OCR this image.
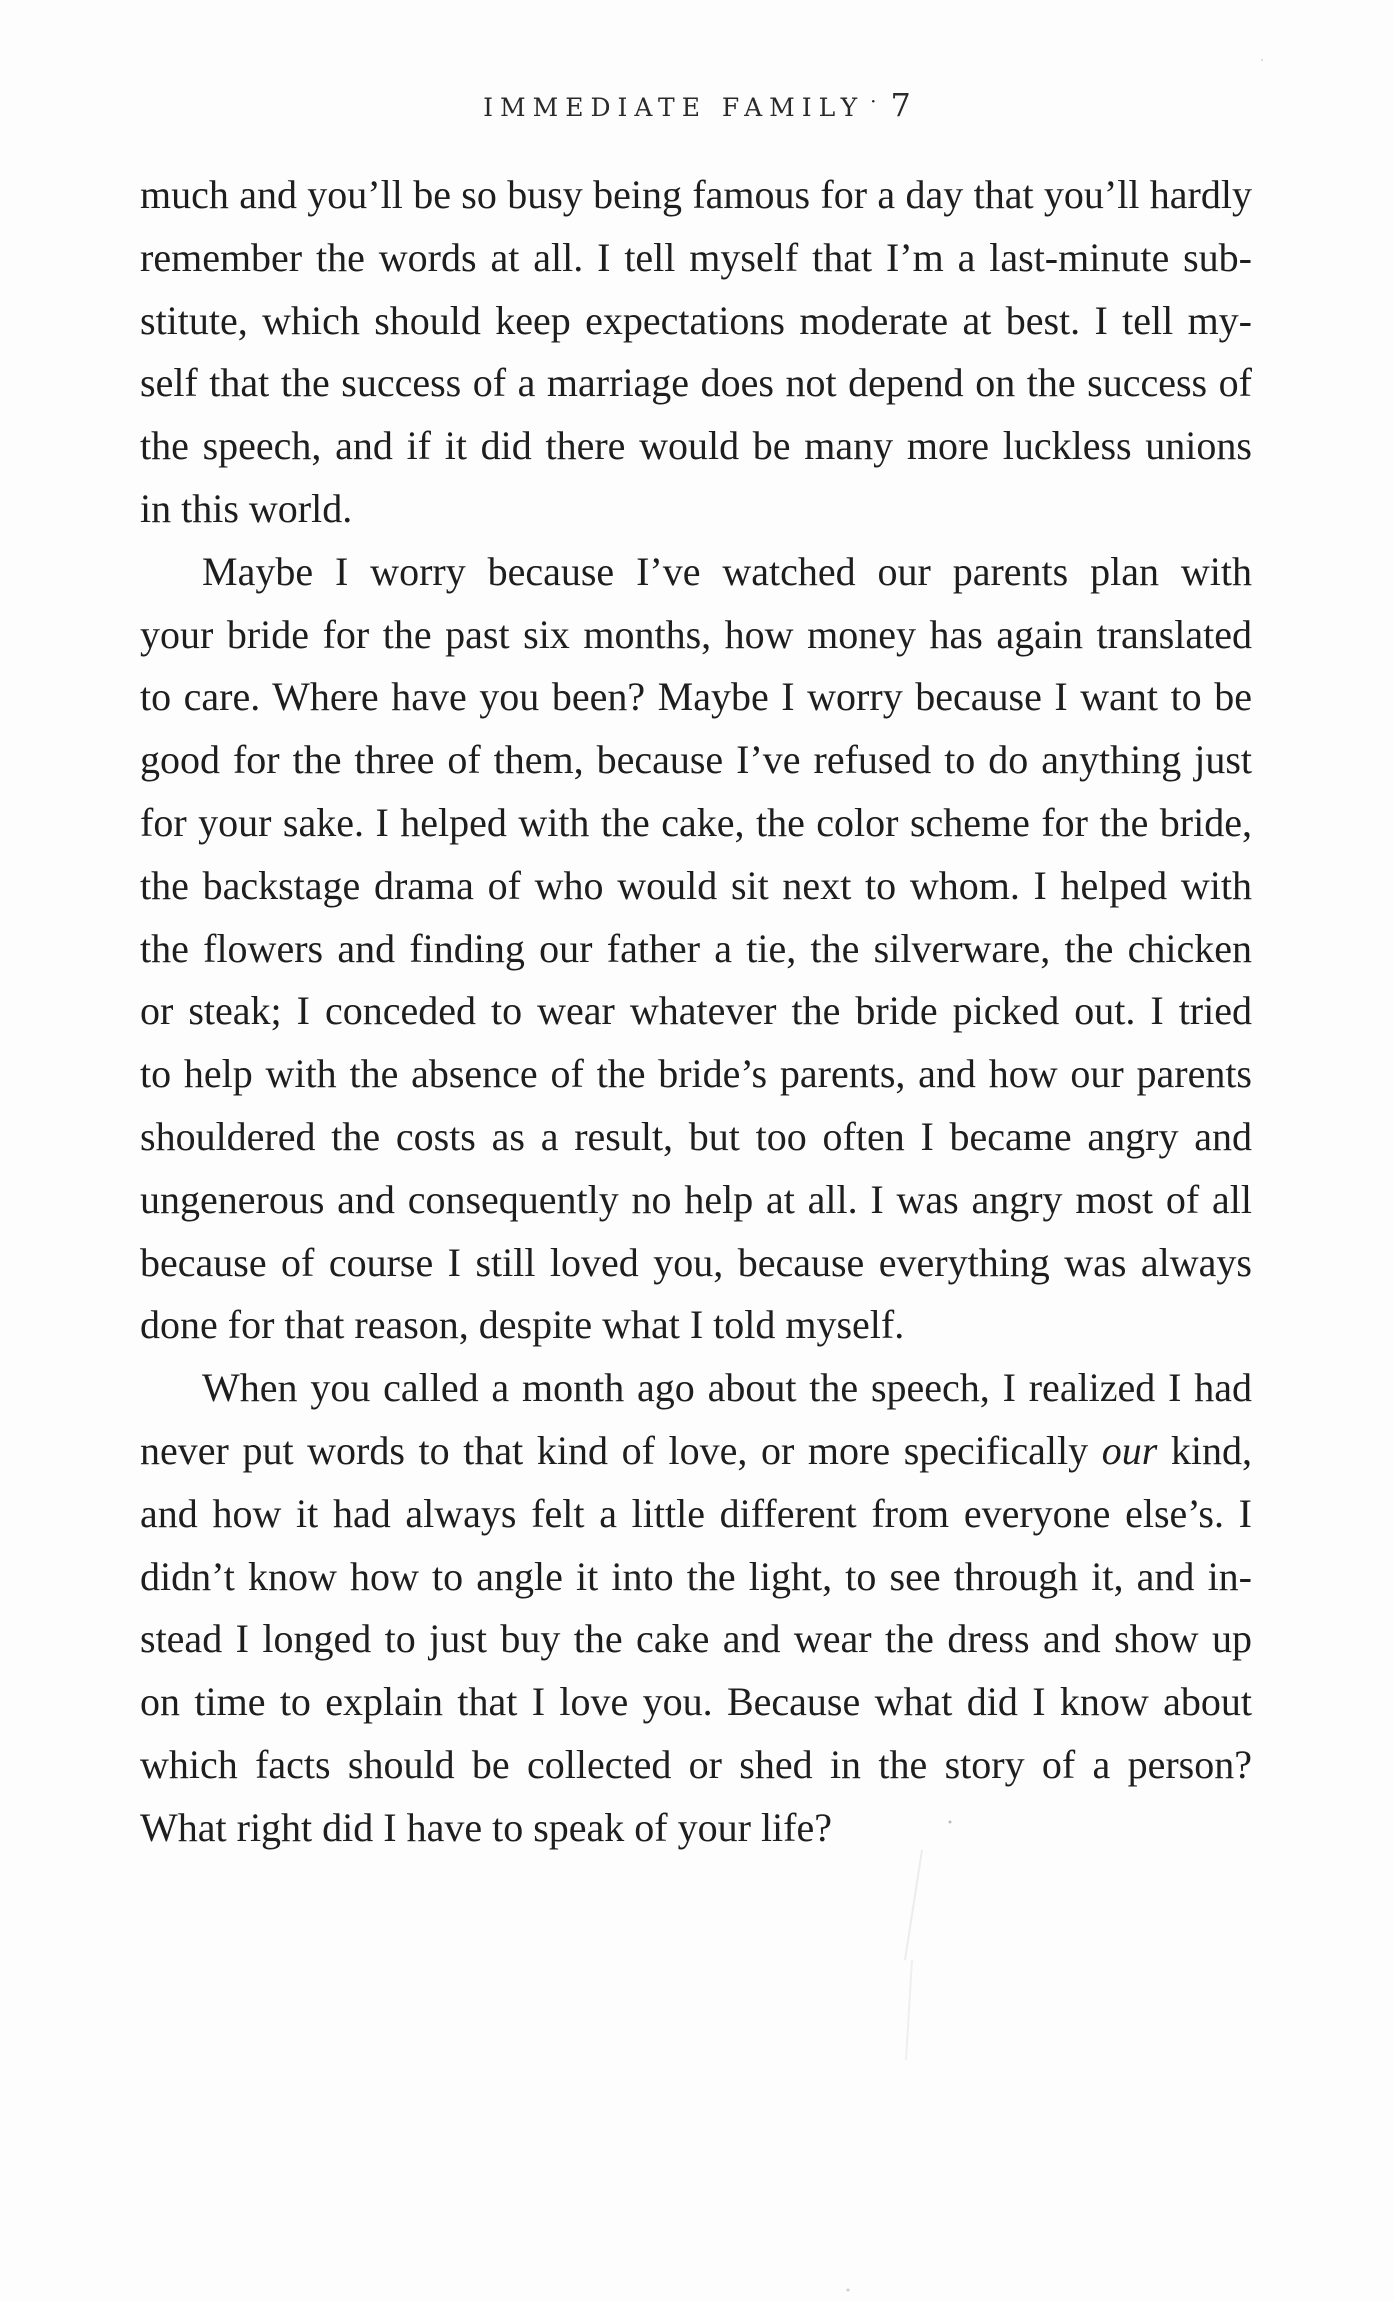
IMMEDIATE FAMILY · 7

much and you’ll be so busy being famous for a day that you’ll hardly
remember the words at all. I tell myself that I’m a last-minute sub-
stitute, which should keep expectations moderate at best. I tell my-
self that the success of a marriage does not depend on the success of
the speech, and if it did there would be many more luckless unions
in this world.

Maybe I worry because I’ve watched our parents plan with
your bride for the past six months, how money has again translated
to care. Where have you been? Maybe I worry because I want to be
good for the three of them, because I’ve refused to do anything just
for your sake. I helped with the cake, the color scheme for the bride,
the backstage drama of who would sit next to whom. I helped with
the flowers and finding our father a tie, the silverware, the chicken
or steak; I conceded to wear whatever the bride picked out. I tried
to help with the absence of the bride’s parents, and how our parents
shouldered the costs as a result, but too often I became angry and
ungenerous and consequently no help at all. I was angry most of all
because of course I still loved you, because everything was always
done for that reason, despite what I told myself.

When you called a month ago about the speech, I realized I had
never put words to that kind of love, or more specifically our kind,
and how it had always felt a little different from everyone else’s. I
didn’t know how to angle it into the light, to see through it, and in-
stead I longed to just buy the cake and wear the dress and show up
on time to explain that I love you. Because what did I know about
which facts should be collected or shed in the story of a person?
What right did I have to speak of your life?
